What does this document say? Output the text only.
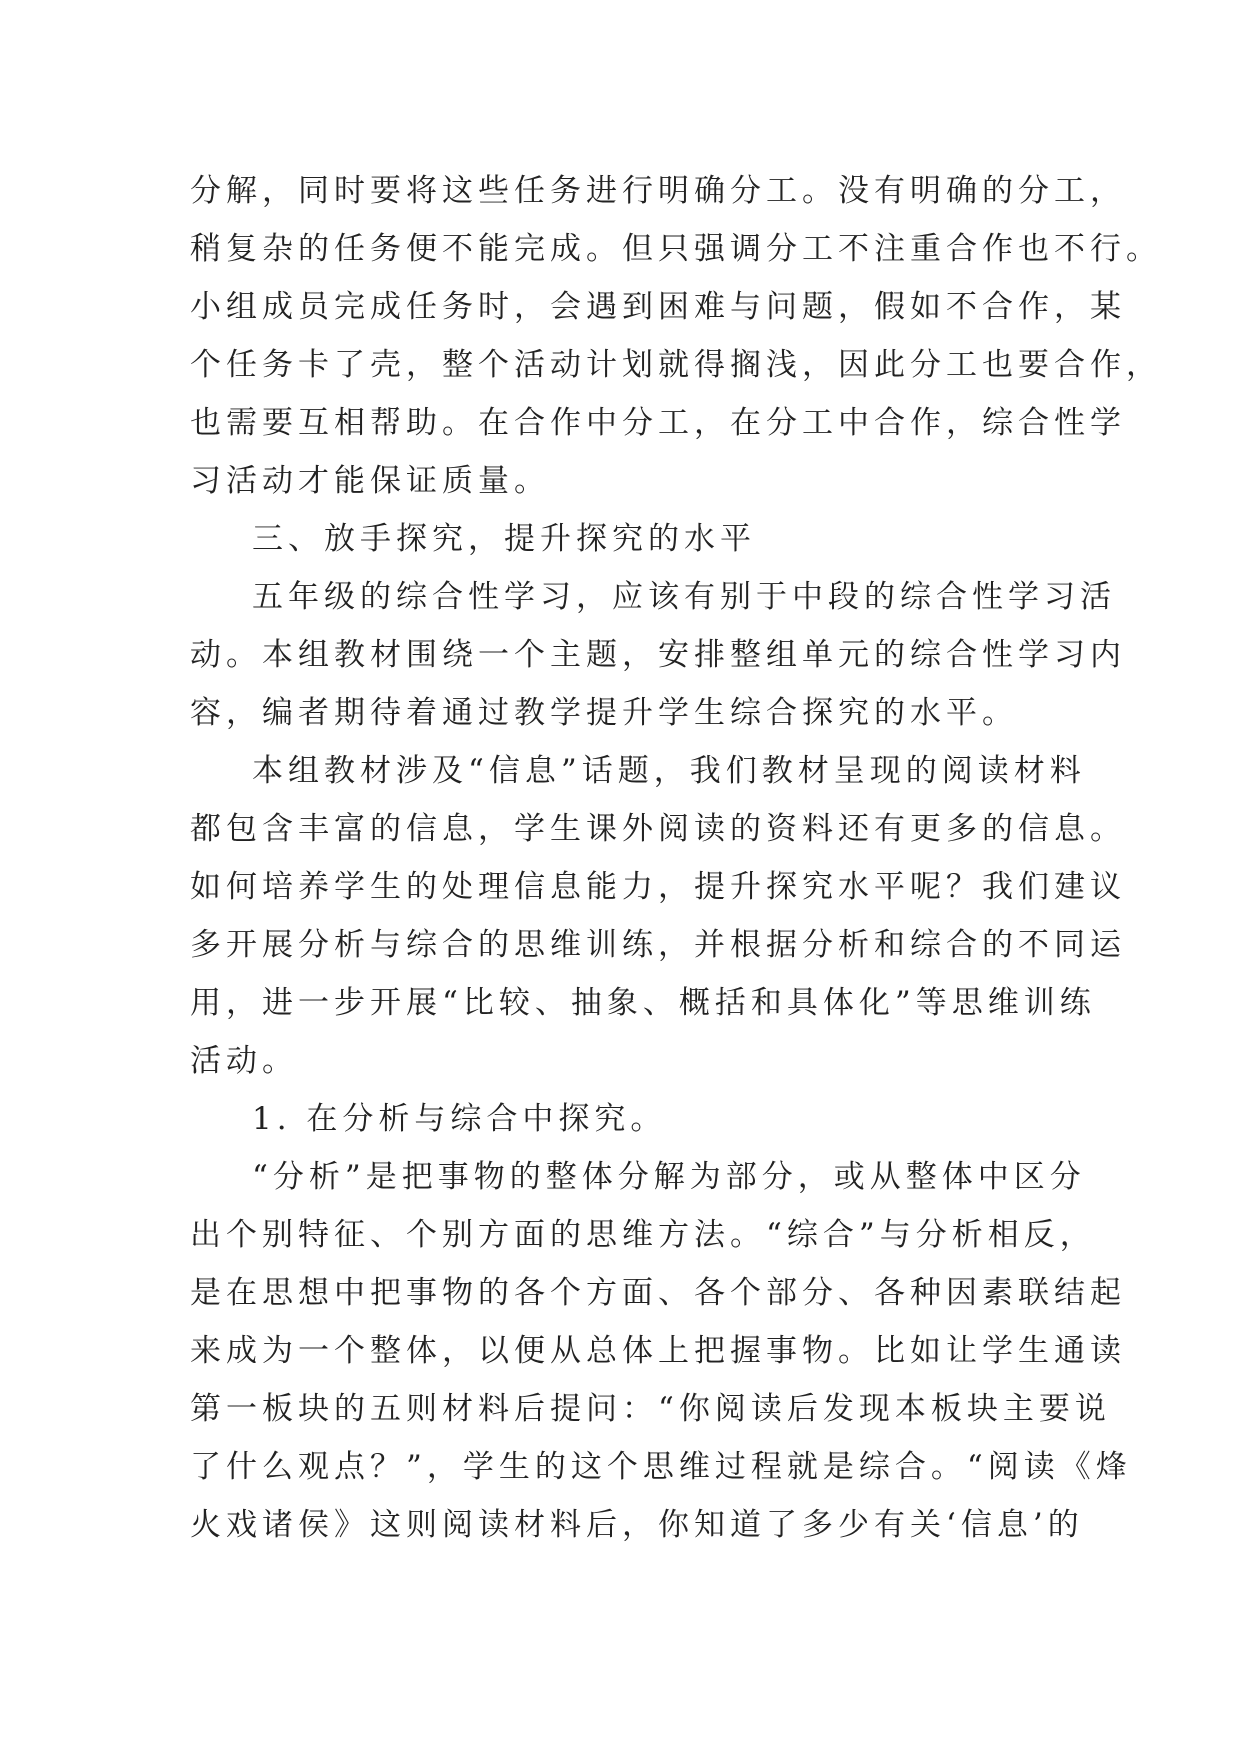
分解，同时要将这些任务进行明确分工。没有明确的分工，
稍复杂的任务便不能完成。但只强调分工不注重合作也不行。
小组成员完成任务时，会遇到困难与问题，假如不合作，某
个任务卡了壳，整个活动计划就得搁浅，因此分工也要合作，
也需要互相帮助。在合作中分工，在分工中合作，综合性学
习活动才能保证质量。
三、放手探究，提升探究的水平
五年级的综合性学习，应该有别于中段的综合性学习活
动。本组教材围绕一个主题，安排整组单元的综合性学习内
容，编者期待着通过教学提升学生综合探究的水平。
本组教材涉及“信息”话题，我们教材呈现的阅读材料
都包含丰富的信息，学生课外阅读的资料还有更多的信息。
如何培养学生的处理信息能力，提升探究水平呢？我们建议
多开展分析与综合的思维训练，并根据分析和综合的不同运
用，进一步开展“比较、抽象、概括和具体化”等思维训练
活动。
1. 在分析与综合中探究。
“分析”是把事物的整体分解为部分，或从整体中区分
出个别特征、个别方面的思维方法。“综合”与分析相反，
是在思想中把事物的各个方面、各个部分、各种因素联结起
来成为一个整体，以便从总体上把握事物。比如让学生通读
第一板块的五则材料后提问：“你阅读后发现本板块主要说
了什么观点？”，学生的这个思维过程就是综合。“阅读《烽
火戏诸侯》这则阅读材料后，你知道了多少有关‘信息’的
